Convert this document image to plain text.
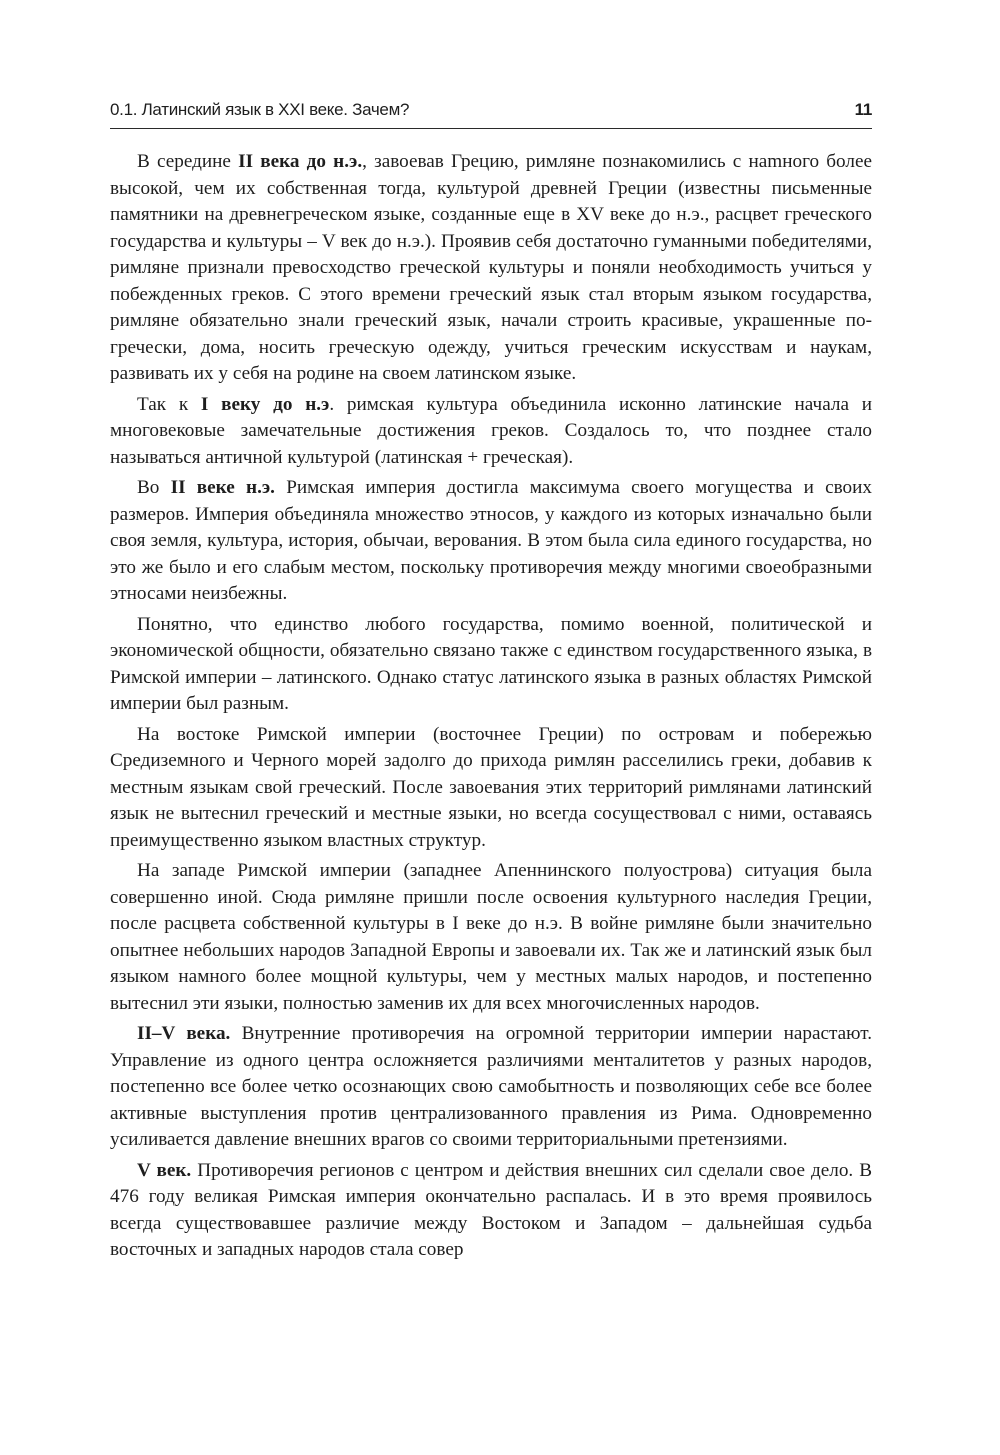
0.1. Латинский язык в XXI веке. Зачем?	11

В середине II века до н.э., завоевав Грецию, римляне познакомились с наmного более высокой, чем их собственная тогда, культурой древней Греции (известны письменные памятники на древнегреческом языке, созданные еще в XV веке до н.э., расцвет греческого государства и культуры – V век до н.э.). Проявив себя достаточно гуманными победителями, римляне признали превосходство греческой культуры и поняли необходимость учиться у побежденных греков. С этого времени греческий язык стал вторым языком государства, римляне обязательно знали греческий язык, начали строить красивые, украшенные по-гречески, дома, носить греческую одежду, учиться греческим искусствам и наукам, развивать их у себя на родине на своем латинском языке.

Так к I веку до н.э. римская культура объединила исконно латинские начала и многовековые замечательные достижения греков. Создалось то, что позднее стало называться античной культурой (латинская + греческая).

Во II веке н.э. Римская империя достигла максимума своего могущества и своих размеров. Империя объединяла множество этносов, у каждого из которых изначально были своя земля, культура, история, обычаи, верования. В этом была сила единого государства, но это же было и его слабым местом, поскольку противоречия между многими своеобразными этносами неизбежны.

Понятно, что единство любого государства, помимо военной, политической и экономической общности, обязательно связано также с единством государственного языка, в Римской империи – латинского. Однако статус латинского языка в разных областях Римской империи был разным.

На востоке Римской империи (восточнее Греции) по островам и побережью Средиземного и Черного морей задолго до прихода римлян расселились греки, добавив к местным языкам свой греческий. После завоевания этих территорий римлянами латинский язык не вытеснил греческий и местные языки, но всегда сосуществовал с ними, оставаясь преимущественно языком властных структур.

На западе Римской империи (западнее Апеннинского полуострова) ситуация была совершенно иной. Сюда римляне пришли после освоения культурного наследия Греции, после расцвета собственной культуры в I веке до н.э. В войне римляне были значительно опытнее небольших народов Западной Европы и завоевали их. Так же и латинский язык был языком намного более мощной культуры, чем у местных малых народов, и постепенно вытеснил эти языки, полностью заменив их для всех многочисленных народов.

II–V века. Внутренние противоречия на огромной территории империи нарастают. Управление из одного центра осложняется различиями менталитетов у разных народов, постепенно все более четко осознающих свою самобытность и позволяющих себе все более активные выступления против централизованного правления из Рима. Одновременно усиливается давление внешних врагов со своими территориальными претензиями.

V век. Противоречия регионов с центром и действия внешних сил сделали свое дело. В 476 году великая Римская империя окончательно распалась. И в это время проявилось всегда существовавшее различие между Востоком и Западом – дальнейшая судьба восточных и западных народов стала совер
